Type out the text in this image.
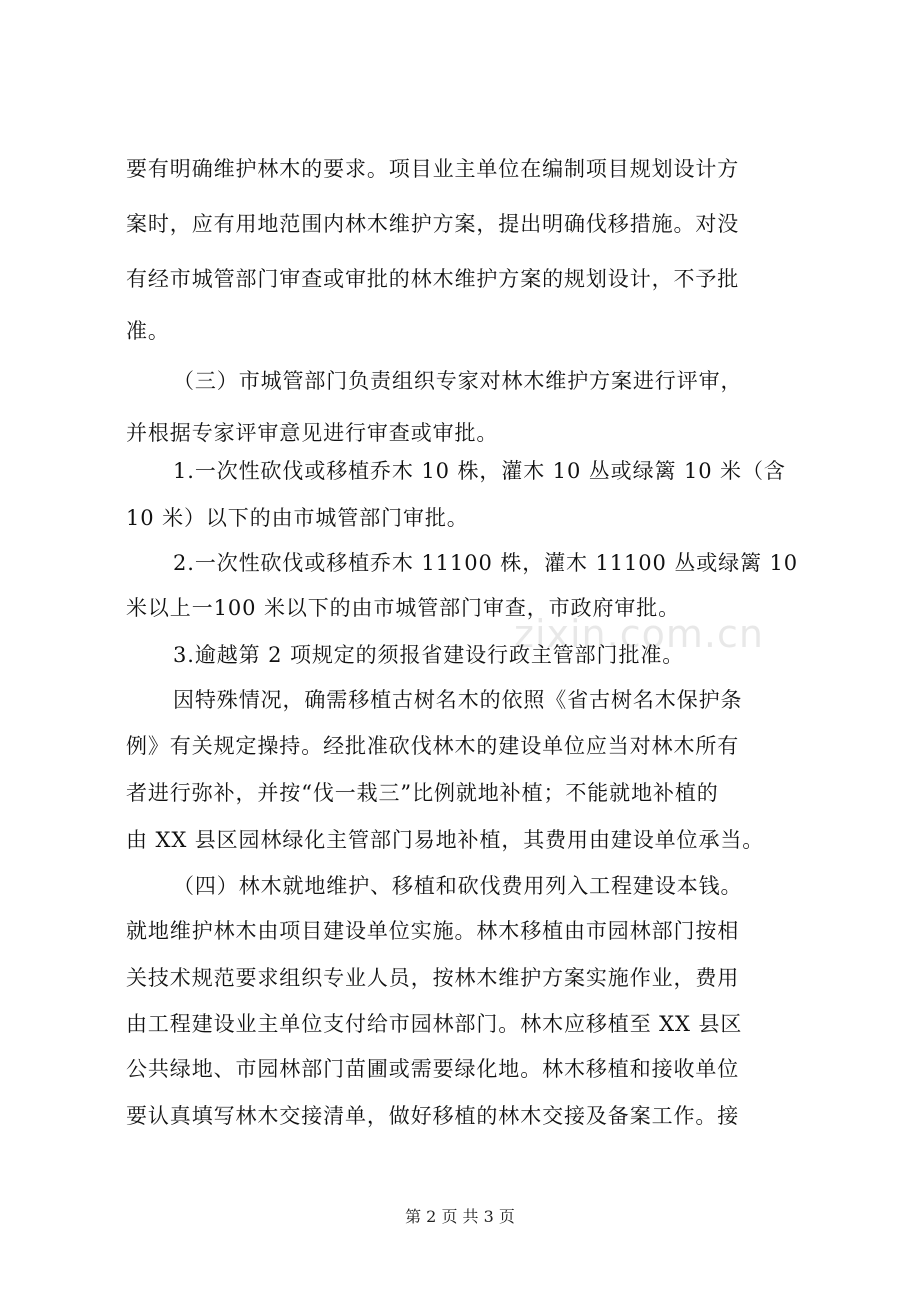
要有明确维护林木的要求。项目业主单位在编制项目规划设计方
案时，应有用地范围内林木维护方案，提出明确伐移措施。对没
有经市城管部门审查或审批的林木维护方案的规划设计，不予批
准。
（三）市城管部门负责组织专家对林木维护方案进行评审，
并根据专家评审意见进行审查或审批。
1.一次性砍伐或移植乔木 10 株，灌木 10 丛或绿篱 10 米（含
10 米）以下的由市城管部门审批。
2.一次性砍伐或移植乔木 11100 株，灌木 11100 丛或绿篱 10
米以上一100 米以下的由市城管部门审查，市政府审批。
3.逾越第 2 项规定的须报省建设行政主管部门批准。
zixin.com.cn
因特殊情况，确需移植古树名木的依照《省古树名木保护条
例》有关规定操持。经批准砍伐林木的建设单位应当对林木所有
者进行弥补，并按“伐一栽三”比例就地补植；不能就地补植的
由 XX 县区园林绿化主管部门易地补植，其费用由建设单位承当。
（四）林木就地维护、移植和砍伐费用列入工程建设本钱。
就地维护林木由项目建设单位实施。林木移植由市园林部门按相
关技术规范要求组织专业人员，按林木维护方案实施作业，费用
由工程建设业主单位支付给市园林部门。林木应移植至 XX 县区
公共绿地、市园林部门苗圃或需要绿化地。林木移植和接收单位
要认真填写林木交接清单，做好移植的林木交接及备案工作。接
第 2 页 共 3 页
